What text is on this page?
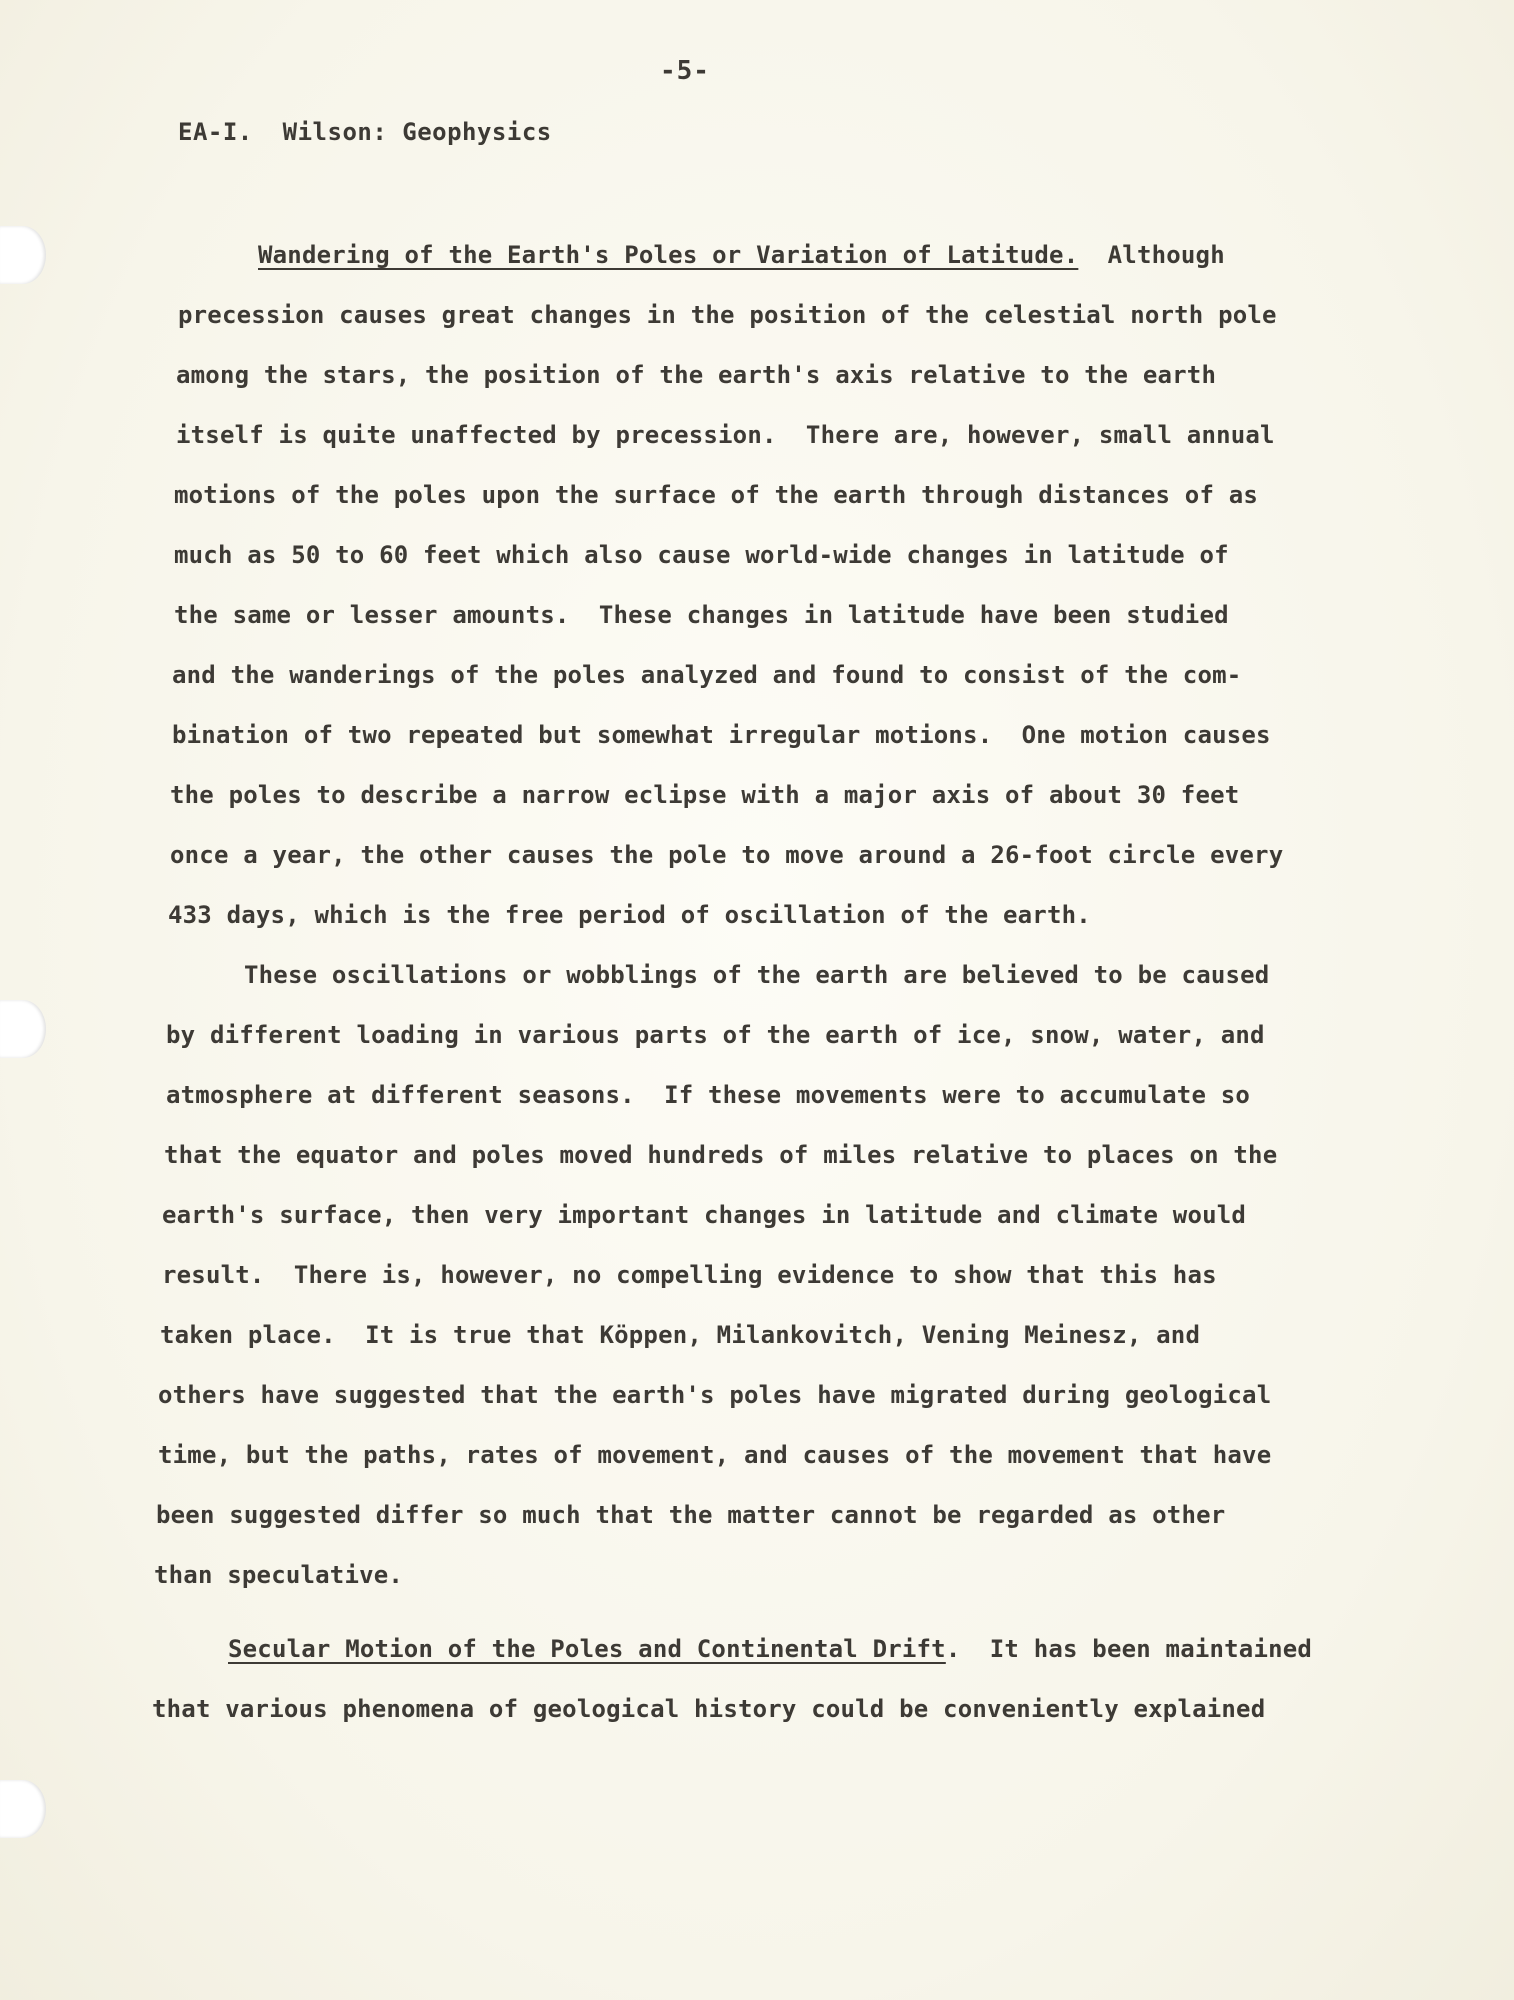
-5-
EA-I.  Wilson: Geophysics
Wandering of the Earth's Poles or Variation of Latitude.  Although
precession causes great changes in the position of the celestial north pole
among the stars, the position of the earth's axis relative to the earth
itself is quite unaffected by precession.  There are, however, small annual
motions of the poles upon the surface of the earth through distances of as
much as 50 to 60 feet which also cause world-wide changes in latitude of
the same or lesser amounts.  These changes in latitude have been studied
and the wanderings of the poles analyzed and found to consist of the com-
bination of two repeated but somewhat irregular motions.  One motion causes
the poles to describe a narrow eclipse with a major axis of about 30 feet
once a year, the other causes the pole to move around a 26-foot circle every
433 days, which is the free period of oscillation of the earth.
These oscillations or wobblings of the earth are believed to be caused
by different loading in various parts of the earth of ice, snow, water, and
atmosphere at different seasons.  If these movements were to accumulate so
that the equator and poles moved hundreds of miles relative to places on the
earth's surface, then very important changes in latitude and climate would
result.  There is, however, no compelling evidence to show that this has
taken place.  It is true that Köppen, Milankovitch, Vening Meinesz, and
others have suggested that the earth's poles have migrated during geological
time, but the paths, rates of movement, and causes of the movement that have
been suggested differ so much that the matter cannot be regarded as other
than speculative.
Secular Motion of the Poles and Continental Drift.  It has been maintained
that various phenomena of geological history could be conveniently explained
